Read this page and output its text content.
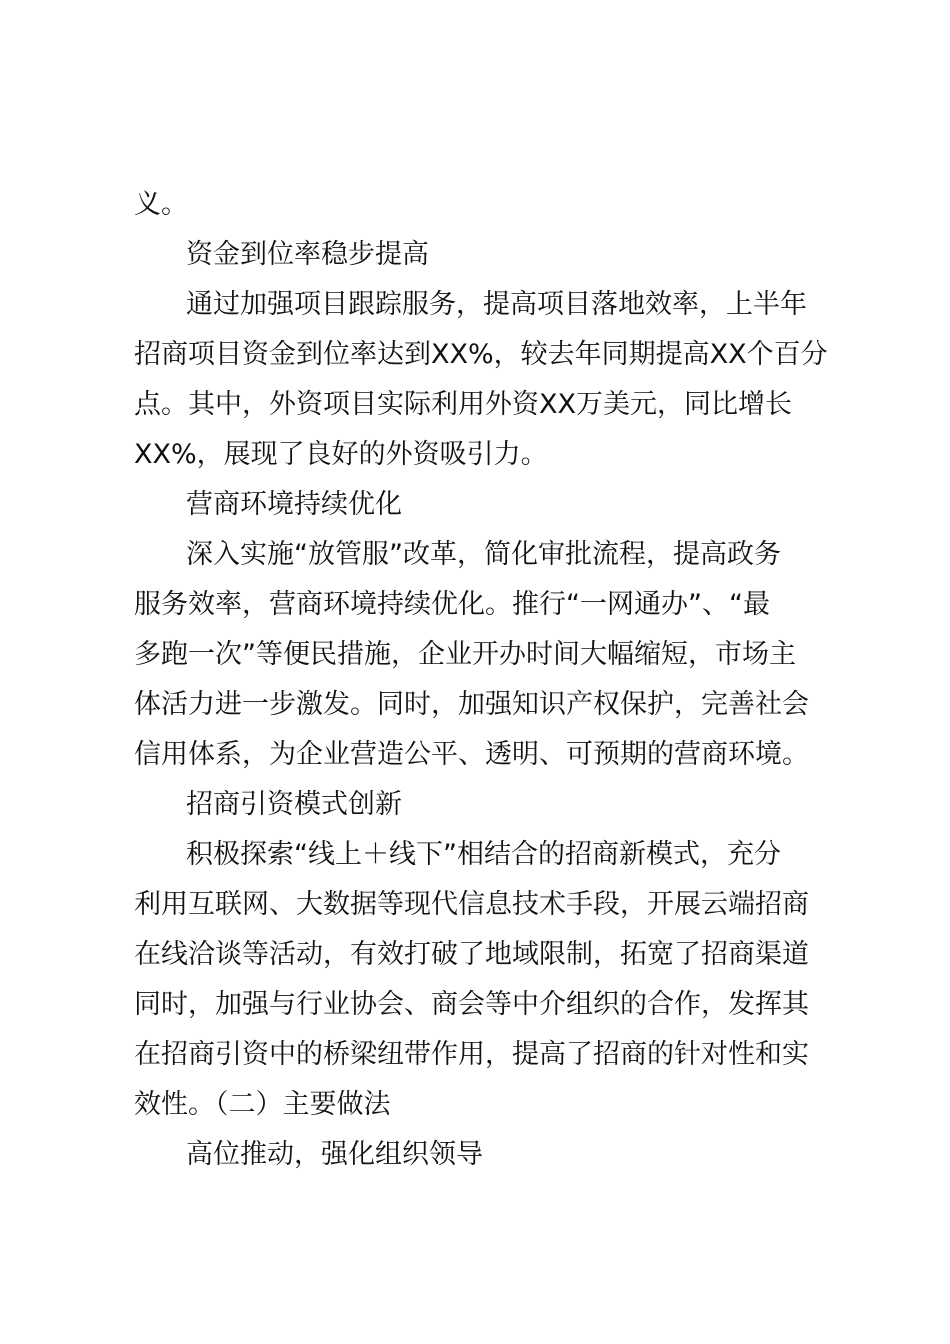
义。
资金到位率稳步提高
通过加强项目跟踪服务，提高项目落地效率，上半年
招商项目资金到位率达到XX%，较去年同期提高XX个百分
点。其中，外资项目实际利用外资XX万美元，同比增长
XX%，展现了良好的外资吸引力。
营商环境持续优化
深入实施“放管服”改革，简化审批流程，提高政务
服务效率，营商环境持续优化。推行“一网通办”、“最
多跑一次”等便民措施，企业开办时间大幅缩短，市场主
体活力进一步激发。同时，加强知识产权保护，完善社会
信用体系，为企业营造公平、透明、可预期的营商环境。
招商引资模式创新
积极探索“线上＋线下”相结合的招商新模式，充分
利用互联网、大数据等现代信息技术手段，开展云端招商
在线洽谈等活动，有效打破了地域限制，拓宽了招商渠道
同时，加强与行业协会、商会等中介组织的合作，发挥其
在招商引资中的桥梁纽带作用，提高了招商的针对性和实
效性。（二）主要做法
高位推动，强化组织领导
